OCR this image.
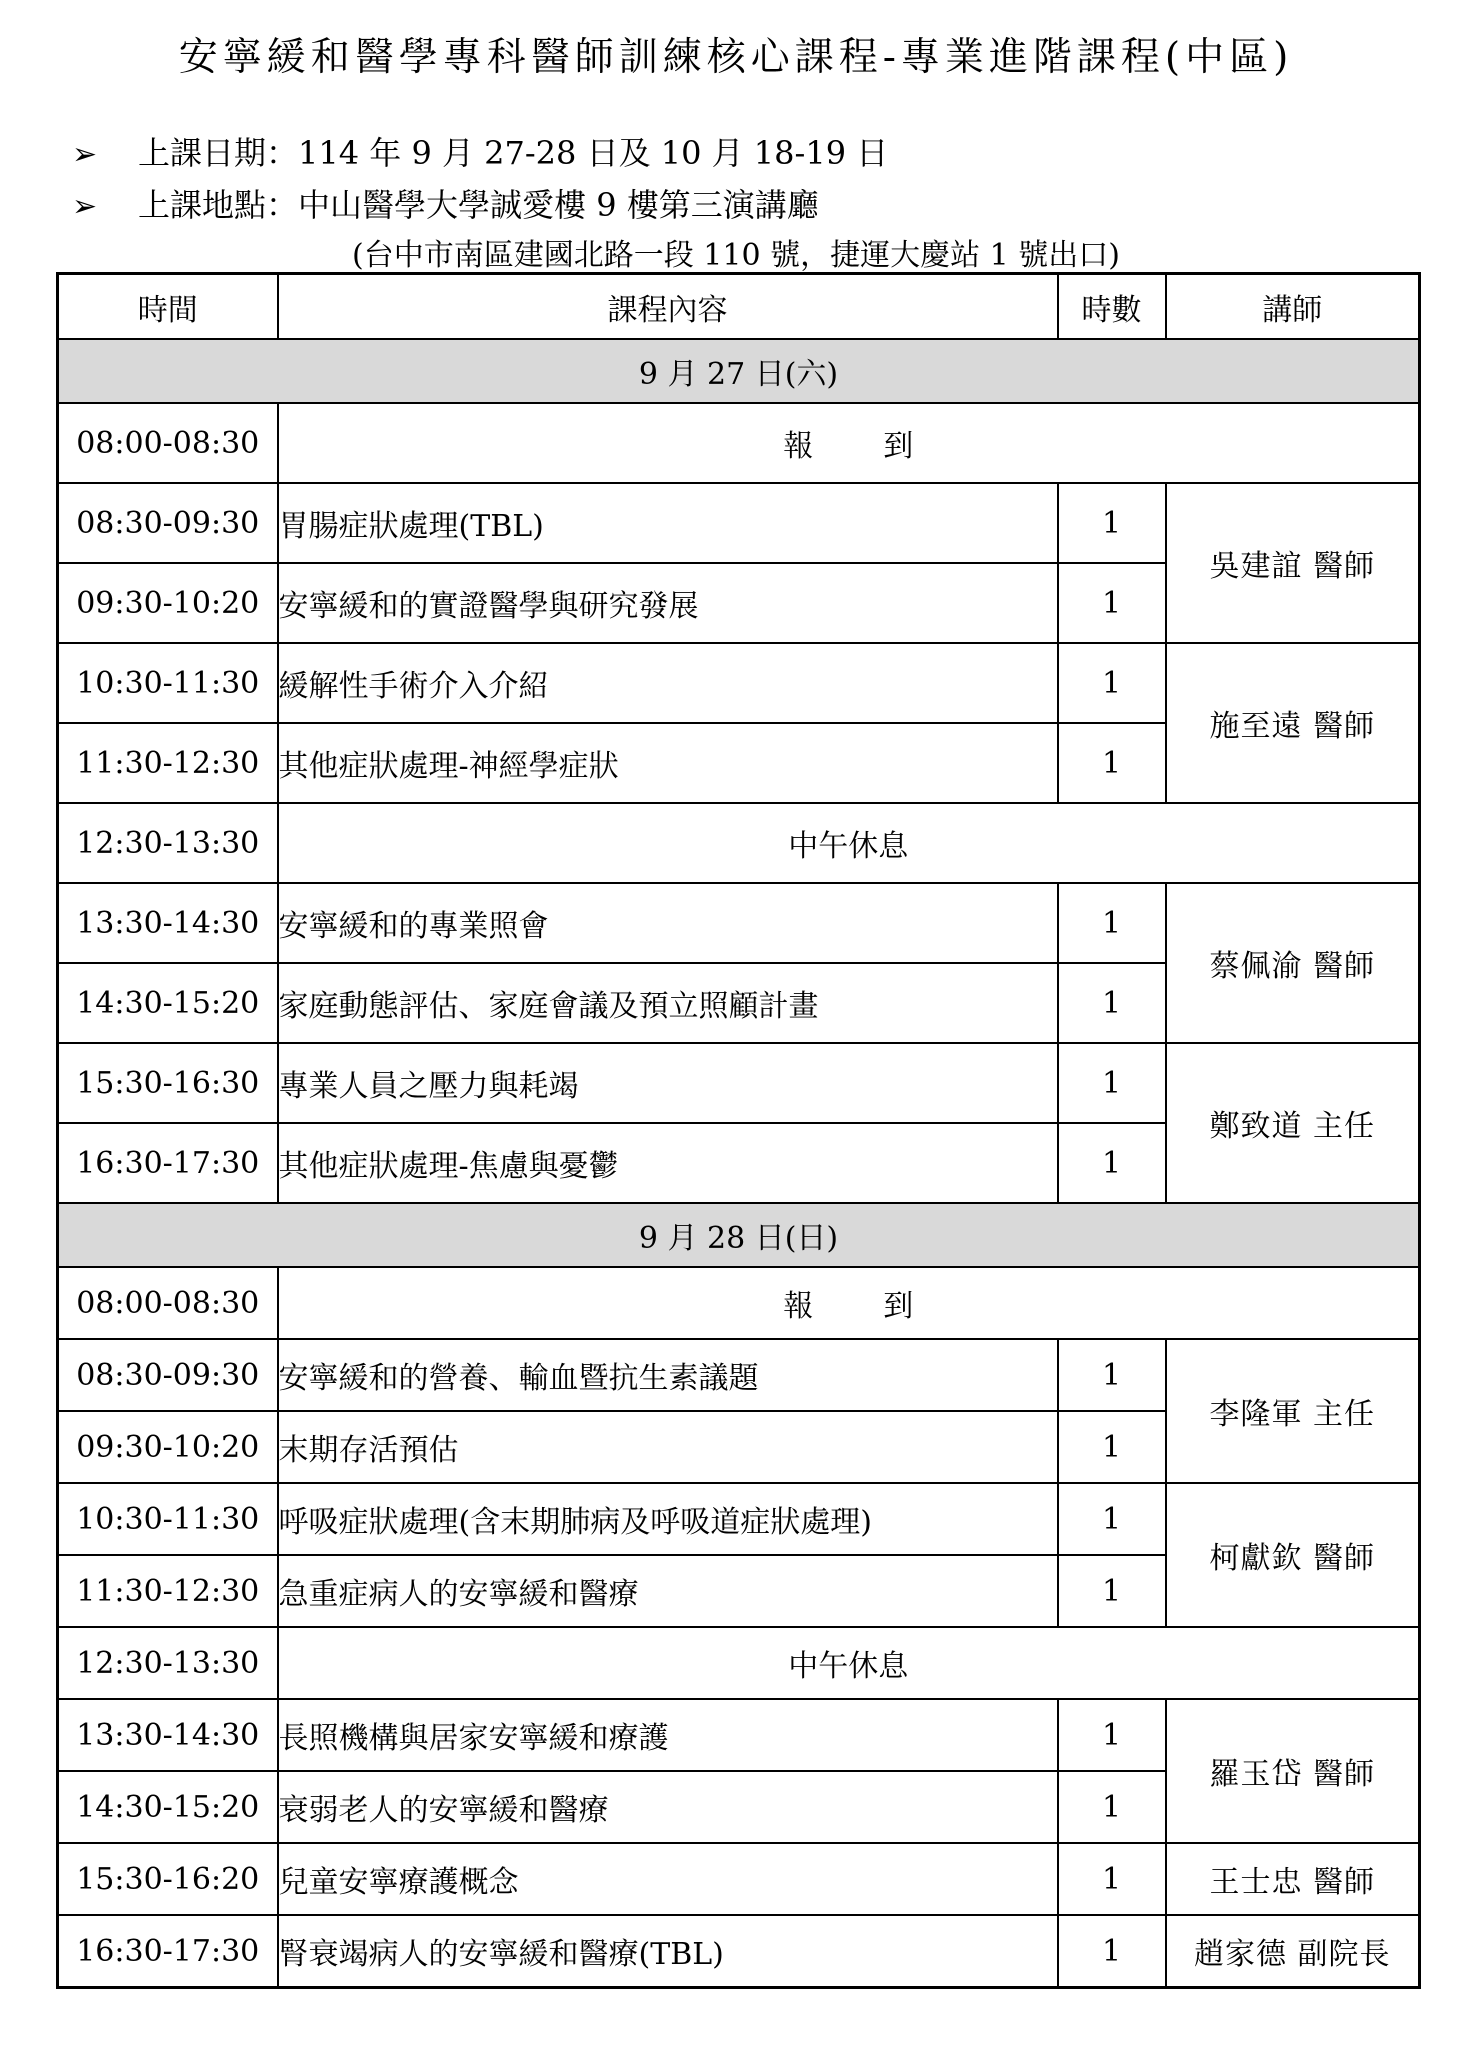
安寧緩和醫學專科醫師訓練核心課程-專業進階課程(中區)
➢ 上課日期：114 年 9 月 27-28 日及 10 月 18-19 日
➢ 上課地點：中山醫學大學誠愛樓 9 樓第三演講廳
(台中市南區建國北路一段 110 號，捷運大慶站 1 號出口)
時間	課程內容	時數	講師
9 月 27 日(六)			
08:00-08:30	報到		
08:30-09:30	胃腸症狀處理(TBL)	1	吳建誼 醫師
09:30-10:20	安寧緩和的實證醫學與研究發展	1	
10:30-11:30	緩解性手術介入介紹	1	施至遠 醫師
11:30-12:30	其他症狀處理-神經學症狀	1	
12:30-13:30	中午休息		
13:30-14:30	安寧緩和的專業照會	1	蔡佩渝 醫師
14:30-15:20	家庭動態評估、家庭會議及預立照顧計畫	1	
15:30-16:30	專業人員之壓力與耗竭	1	鄭致道 主任
16:30-17:30	其他症狀處理-焦慮與憂鬱	1	
9 月 28 日(日)			
08:00-08:30	報到		
08:30-09:30	安寧緩和的營養、輸血暨抗生素議題	1	李隆軍 主任
09:30-10:20	末期存活預估	1	
10:30-11:30	呼吸症狀處理(含末期肺病及呼吸道症狀處理)	1	柯獻欽 醫師
11:30-12:30	急重症病人的安寧緩和醫療	1	
12:30-13:30	中午休息		
13:30-14:30	長照機構與居家安寧緩和療護	1	羅玉岱 醫師
14:30-15:20	衰弱老人的安寧緩和醫療	1	
15:30-16:20	兒童安寧療護概念	1	王士忠 醫師
16:30-17:30	腎衰竭病人的安寧緩和醫療(TBL)	1	趙家德 副院長
